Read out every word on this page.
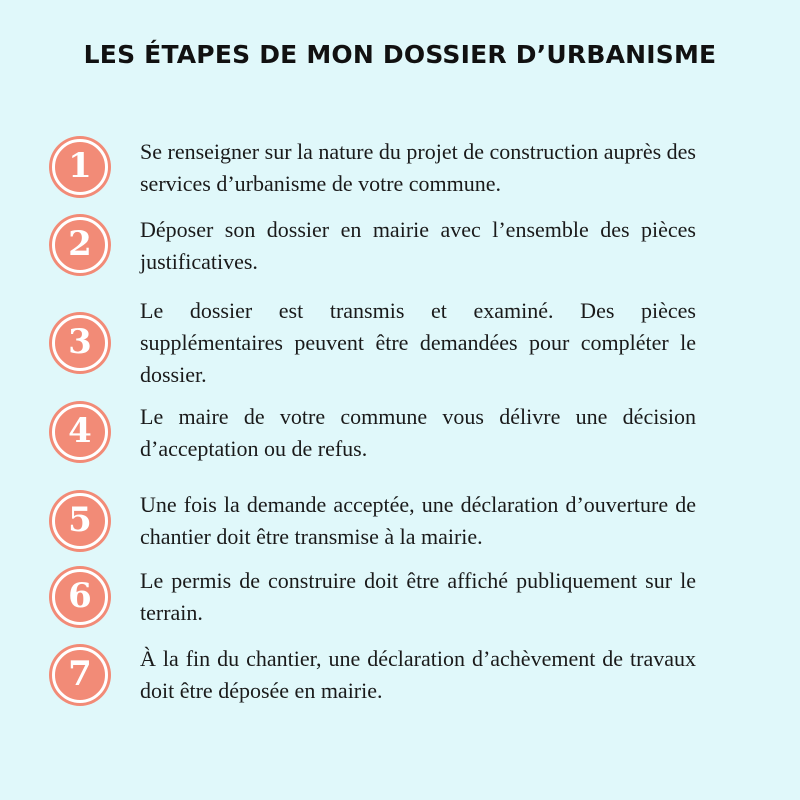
LES ÉTAPES DE MON DOSSIER D’URBANISME
1 Se renseigner sur la nature du projet de construction auprès des services d’urbanisme de votre commune.
2 Déposer son dossier en mairie avec l’ensemble des pièces justificatives.
3
Le dossier est transmis et examiné. Des pièces supplémentaires peuvent être demandées pour compléter le dossier.
4 Le maire de votre commune vous délivre une décision d’acceptation ou de refus.
5 Une fois la demande acceptée, une déclaration d’ouverture de chantier doit être transmise à la mairie.
6 Le permis de construire doit être affiché publiquement sur le terrain.
7 À la fin du chantier, une déclaration d’achèvement de travaux doit être déposée en mairie.
